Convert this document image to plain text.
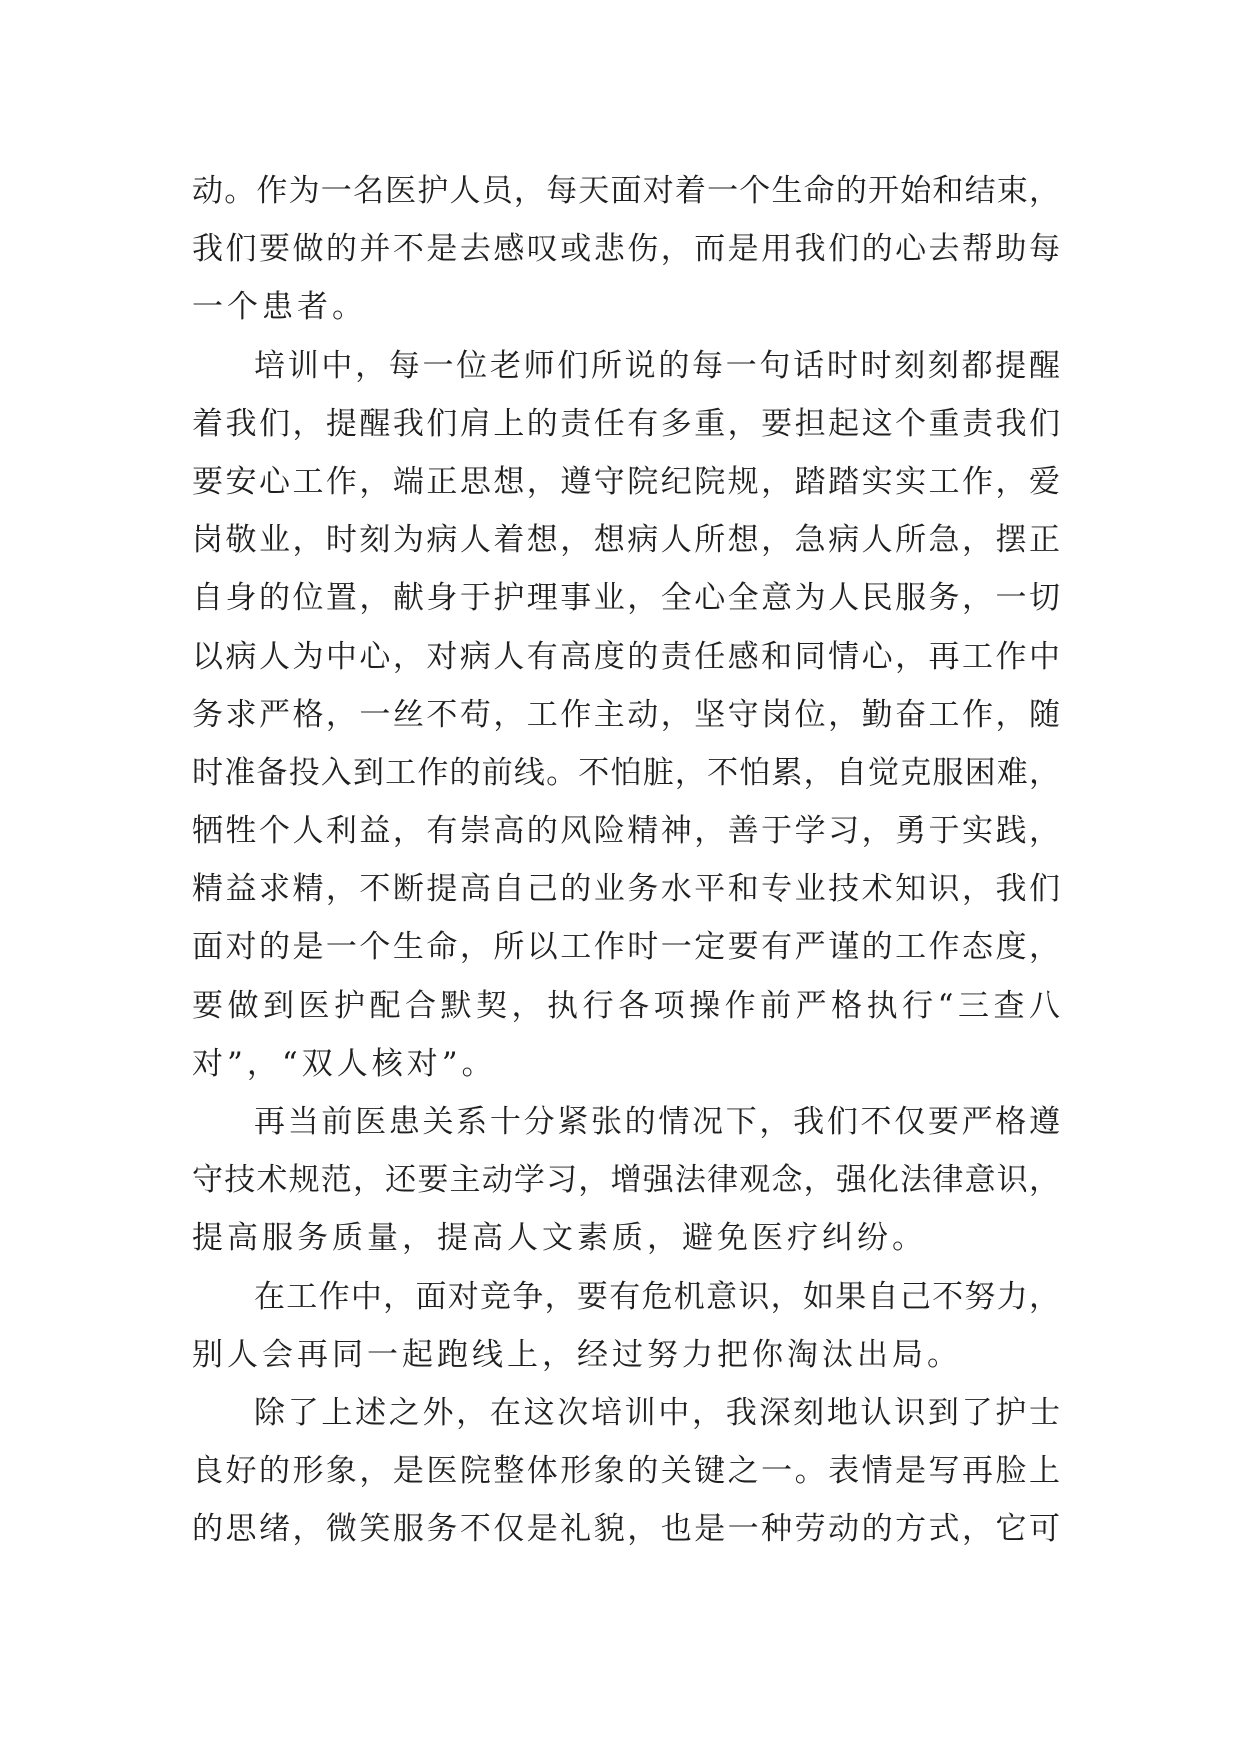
动。作为一名医护人员，每天面对着一个生命的开始和结束，
我们要做的并不是去感叹或悲伤，而是用我们的心去帮助每
一个患者。
培训中，每一位老师们所说的每一句话时时刻刻都提醒
着我们，提醒我们肩上的责任有多重，要担起这个重责我们
要安心工作，端正思想，遵守院纪院规，踏踏实实工作，爱
岗敬业，时刻为病人着想，想病人所想，急病人所急，摆正
自身的位置，献身于护理事业，全心全意为人民服务，一切
以病人为中心，对病人有高度的责任感和同情心，再工作中
务求严格，一丝不苟，工作主动，坚守岗位，勤奋工作，随
时准备投入到工作的前线。不怕脏，不怕累，自觉克服困难，
牺牲个人利益，有崇高的风险精神，善于学习，勇于实践，
精益求精，不断提高自己的业务水平和专业技术知识，我们
面对的是一个生命，所以工作时一定要有严谨的工作态度，
要做到医护配合默契，执行各项操作前严格执行“三查八
对”，“双人核对”。
再当前医患关系十分紧张的情况下，我们不仅要严格遵
守技术规范，还要主动学习，增强法律观念，强化法律意识，
提高服务质量，提高人文素质，避免医疗纠纷。
在工作中，面对竞争，要有危机意识，如果自己不努力，
别人会再同一起跑线上，经过努力把你淘汰出局。
除了上述之外，在这次培训中，我深刻地认识到了护士
良好的形象，是医院整体形象的关键之一。表情是写再脸上
的思绪，微笑服务不仅是礼貌，也是一种劳动的方式，它可
